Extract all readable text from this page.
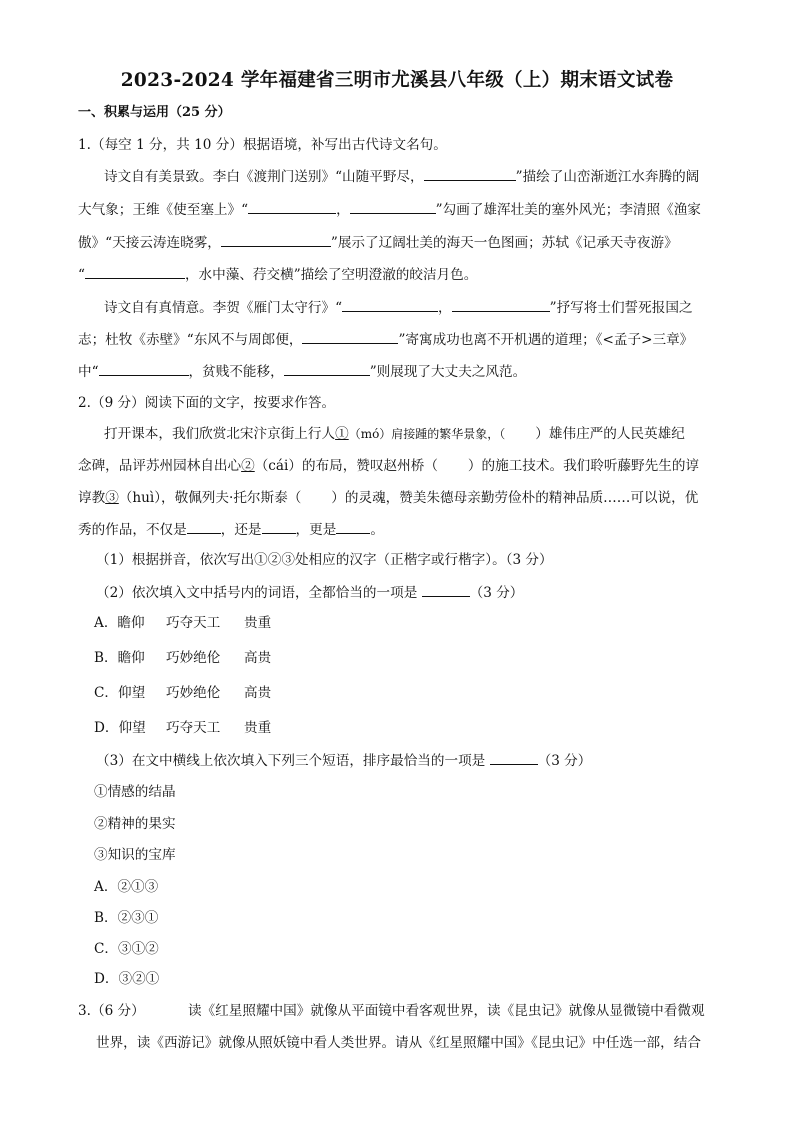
2023-2024 学年福建省三明市尤溪县八年级（上）期末语文试卷
一、积累与运用（25 分）
1.（每空 1 分，共 10 分）根据语境，补写出古代诗文名句。
诗文自有美景致。李白《渡荆门送别》“山随平野尽，	”描绘了山峦渐逝江水奔腾的阔
大气象；王维《使至塞上》“	，	”勾画了雄浑壮美的塞外风光；李清照《渔家
傲》“天接云涛连晓雾，	”展示了辽阔壮美的海天一色图画；苏轼《记承天寺夜游》
“	，水中藻、荇交横”描绘了空明澄澈的皎洁月色。
诗文自有真情意。李贺《雁门太守行》“	，	”抒写将士们誓死报国之
志；杜牧《赤壁》“东风不与周郎便，	”寄寓成功也离不开机遇的道理；《<孟子>三章》
中“	，贫贱不能移，	”则展现了大丈夫之风范。
2.（9 分）阅读下面的文字，按要求作答。
打开课本，我们欣赏北宋汴京街上行人①（mó）肩接踵的繁华景象，（ ）雄伟庄严的人民英雄纪
念碑，品评苏州园林自出心②（cái）的布局，赞叹赵州桥（ ）的施工技术。我们聆听藤野先生的谆
谆教③（huì），敬佩列夫·托尔斯泰（ ）的灵魂，赞美朱德母亲勤劳俭朴的精神品质……可以说，优
秀的作品，不仅是	，还是	，更是	。
（1）根据拼音，依次写出①②③处相应的汉字（正楷字或行楷字）。（3 分）
（2）依次填入文中括号内的词语，全都恰当的一项是	（3 分）
A．瞻仰 巧夺天工 贵重
B．瞻仰 巧妙绝伦 高贵
C．仰望 巧妙绝伦 高贵
D．仰望 巧夺天工 贵重
（3）在文中横线上依次填入下列三个短语，排序最恰当的一项是	（3 分）
①情感的结晶
②精神的果实
③知识的宝库
A．②①③
B．②③①
C．③①②
D．③②①
3.（6 分）	读《红星照耀中国》就像从平面镜中看客观世界，读《昆虫记》就像从显微镜中看微观
世界，读《西游记》就像从照妖镜中看人类世界。请从《红星照耀中国》《昆虫记》中任选一部，结合
